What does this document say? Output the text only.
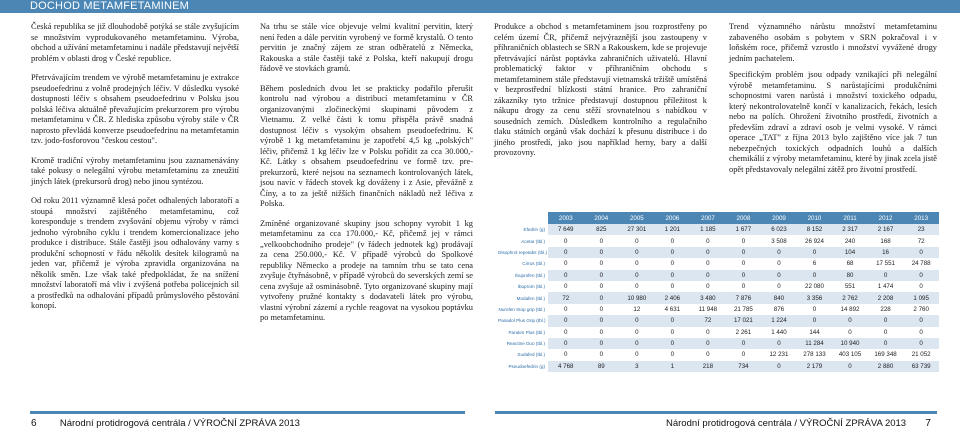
DOCHOD METAMFETAMINEM

Česká republika se již dlouhodobě potýká se stále zvyšujícím se množstvím vyprodukovaného metamfetaminu. Výroba, obchod a užívání metamfetaminu i nadále představují největší problém v oblasti drog v České republice.

Přetrvávajícím trendem ve výrobě metamfetaminu je extrakce pseudoefedrinu z volně prodejných léčiv. V důsledku vysoké dostupnosti léčiv s obsahem pseudoefedrinu v Polsku jsou polská léčiva aktuálně převažujícím prekurzorem pro výrobu metamfetaminu v ČR. Z hlediska způsobu výroby stále v ČR naprosto převládá konverze pseudoefedrinu na metamfetamin tzv. jodo-fosforovou "českou cestou".

Kromě tradiční výroby metamfetaminu jsou zaznamenávány také pokusy o nelegální výrobu metamfetaminu za zneužití jiných látek (prekursorů drog) nebo jinou syntézou.

Od roku 2011 významně klesá počet odhalených laboratoří a stoupá množství zajištěného metamfetaminu, což koresponduje s trendem zvyšování objemu výroby v rámci jednoho výrobního cyklu i trendem komercionalizace jeho produkce i distribuce. Stále častěji jsou odhalovány varny s produkční schopností v řádu několik desítek kilogramů na jeden var, přičemž je výroba zpravidla organizována na několik směn. Lze však také předpokládat, že na snížení množství laboratoří má vliv i zvýšená potřeba policejních sil a prostředků na odhalování případů průmyslového pěstování konopí.

Na trhu se stále více objevuje velmi kvalitní pervitin, který není ředen a dále pervitin vyrobený ve formě krystalů. O tento pervitin je značný zájem ze stran odběratelů z Německa, Rakouska a stále častěji také z Polska, kteří nakupují drogu řádově ve stovkách gramů.

Během posledních dvou let se prakticky podařilo přerušit kontrolu nad výrobou a distribucí metamfetaminu v ČR organizovanými zločineckými skupinami původem z Vietnamu. Z velké části k tomu přispěla právě snadná dostupnost léčiv s vysokým obsahem pseudoefedrinu. K výrobě 1 kg metamfetaminu je zapotřebí 4,5 kg „polských" léčiv, přičemž 1 kg léčiv lze v Polsku pořídit za cca 30.000,- Kč. Látky s obsahem pseudoefedrinu ve formě tzv. pre-prekurzorů, které nejsou na seznamech kontrolovaných látek, jsou navíc v řádech stovek kg dováženy i z Asie, převážně z Číny, a to za ještě nižších finančních nákladů než léčiva z Polska.

Zmíněné organizované skupiny jsou schopny vyrobit 1 kg metamfetaminu za cca 170.000,- Kč, přičemž jej v rámci „velkoobchodního prodeje" (v řádech jednotek kg) prodávají za cena 250.000,- Kč. V případě výrobců do Spolkové republiky Německo a prodeje na tamním trhu se tato cena zvyšuje čtyřnásobně, v případě výrobců do severských zemí se cena zvyšuje až osminásobně. Tyto organizované skupiny mají vytvořeny pružné kontakty s dodavateli látek pro výrobu, vlastní výrobní zázemí a rychle reagovat na vysokou poptávku po metamfetaminu.

Produkce a obchod s metamfetaminem jsou rozprostřeny po celém území ČR, přičemž nejvýraznější jsou zastoupeny v příhraničních oblastech se SRN a Rakouskem, kde se projevuje přetrvávající nárůst poptávka zahraničních uživatelů. Hlavní problematický faktor v příhraničním obchodu s metamfetaminem stále představují vietnamská tržiště umístěná v bezprostřední blízkosti státní hranice. Pro zahraniční zákazníky tyto tržnice představují dostupnou příležitost k nákupu drogy za cenu stěží srovnatelnou s nabídkou v sousedních zemích. Důsledkem kontrolního a regulačního tlaku státních orgánů však dochází k přesunu distribuce i do jiného prostředí, jako jsou například herny, bary a další provozovny.

Trend významného nárůstu množství metamfetaminu zabaveného osobám s pobytem v SRN pokračoval i v loňském roce, přičemž vzrostlo i množství vyvážené drogy jedním pachatelem.

Specifickým problém jsou odpady vznikající při nelegální výrobě metamfetaminu. S narůstajícími produkčními schopnostmi varen narůstá i množství toxického odpadu, který nekontrolovatelně končí v kanalizacích, řekách, lesích nebo na polích. Ohrožení životního prostředí, životních a především zdraví a zdraví osob je velmi vysoké. V rámci operace „TAT" z října 2013 bylo zajištěno více jak 7 tun nebezpečných toxických odpadních louhů a dalších chemikálií z výroby metamfetaminu, které by jinak zcela jistě opět představovaly nelegální zátěž pro životní prostředí.

	2003	2004	2005	2006	2007	2008	2009	2010	2011	2012	2013
Efedrin (g)	7 649	825	27 301	1 201	1 185	1 677	6 023	8 152	2 317	2 167	23
Acetar (tbl.)	0	0	0	0	0	0	3 508	26 924	240	168	72
Disophrol repetabs (tbl.)	0	0	0	0	0	0	0	0	104	16	0
Cirrus (tbl.)	0	0	0	0	0	0	0	6	68	17 551	24 788
Ibuprofen (tbl.)	0	0	0	0	0	0	0	0	80	0	0
Ibuprom (tbl.)	0	0	0	0	0	0	0	22 080	551	1 474	0
Modafen (tbl.)	72	0	10 980	2 406	3 480	7 876	840	3 356	2 762	2 208	1 095
Nurofen Stop grip (tbl.)	0	0	12	4 631	11 948	21 785	876	0	14 892	228	2 760
Panadol Plus Grip (tbl.)	0	0	0	0	72	17 021	1 224	0	0	0	0
Paralen Plus (tbl.)	0	0	0	0	0	2 261	1 440	144	0	0	0
Reactine Duo (tbl.)	0	0	0	0	0	0	0	11 284	10 940	0	0
Sudafed (tbl.)	0	0	0	0	0	0	12 231	278 133	403 105	169 348	21 052
Pseudoefedrin (g)	4 768	89	3	1	218	734	0	2 179	0	2 880	63 739
6 Národní protidrogová centrála / VÝROČNÍ ZPRÁVA 2013	Národní protidrogová centrála / VÝROČNÍ ZPRÁVA 2013 7
